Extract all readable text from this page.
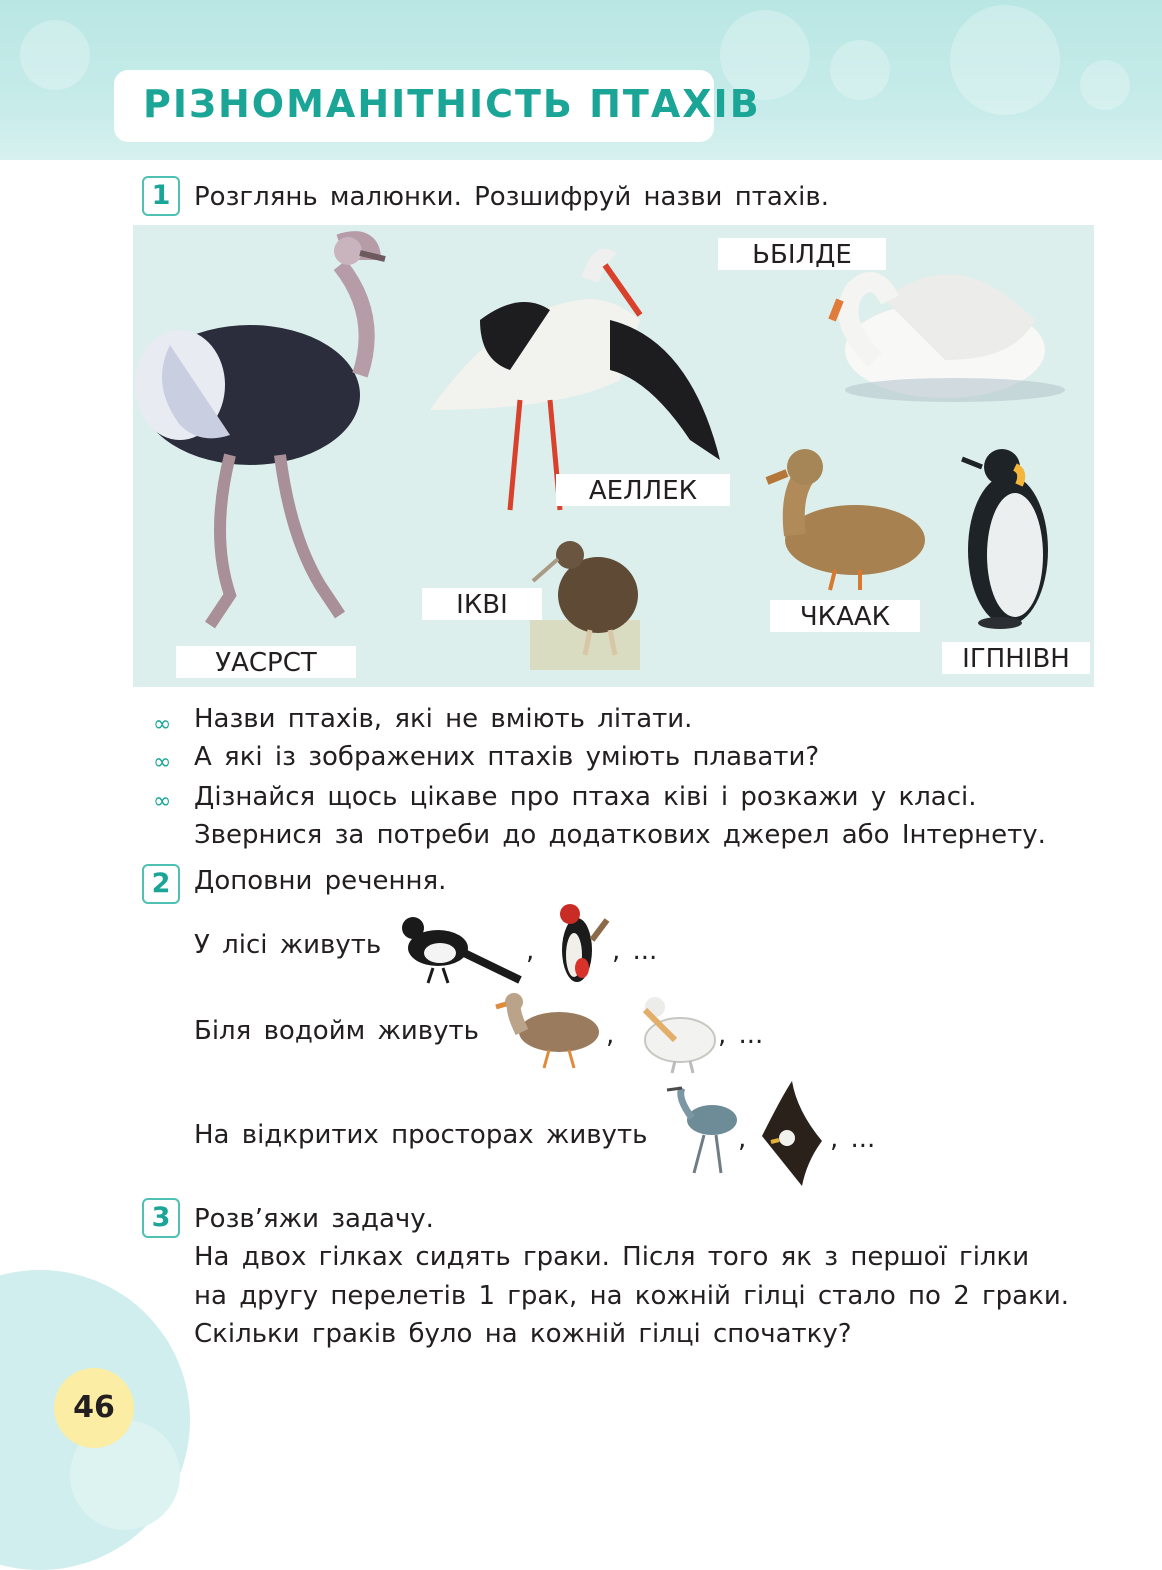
РІЗНОМАНІТНІСТЬ ПТАХІВ
1 Розглянь малюнки. Розшифруй назви птахів.
ЬБІЛДЕ
АЕЛЛЕК
ІКВІ	ЧКААК
УАСРСТ	ІГПНІВН
∞ Назви птахів, які не вміють літати.
∞ А які із зображених птахів уміють плавати?
∞ Дізнайся щось цікаве про птаха ківі і розкажи у класі.
Звернися за потреби до додаткових джерел або Інтернету.
2 Доповни речення.
У лісі живуть	,	, ...
Біля водойм живуть	,	, ...
На відкритих просторах живуть	,	, ...
3 Розв’яжи задачу.
На двох гілках сидять граки. Після того як з першої гілки
на другу перелетів 1 грак, на кожній гілці стало по 2 граки.
Скільки граків було на кожній гілці спочатку?
46
